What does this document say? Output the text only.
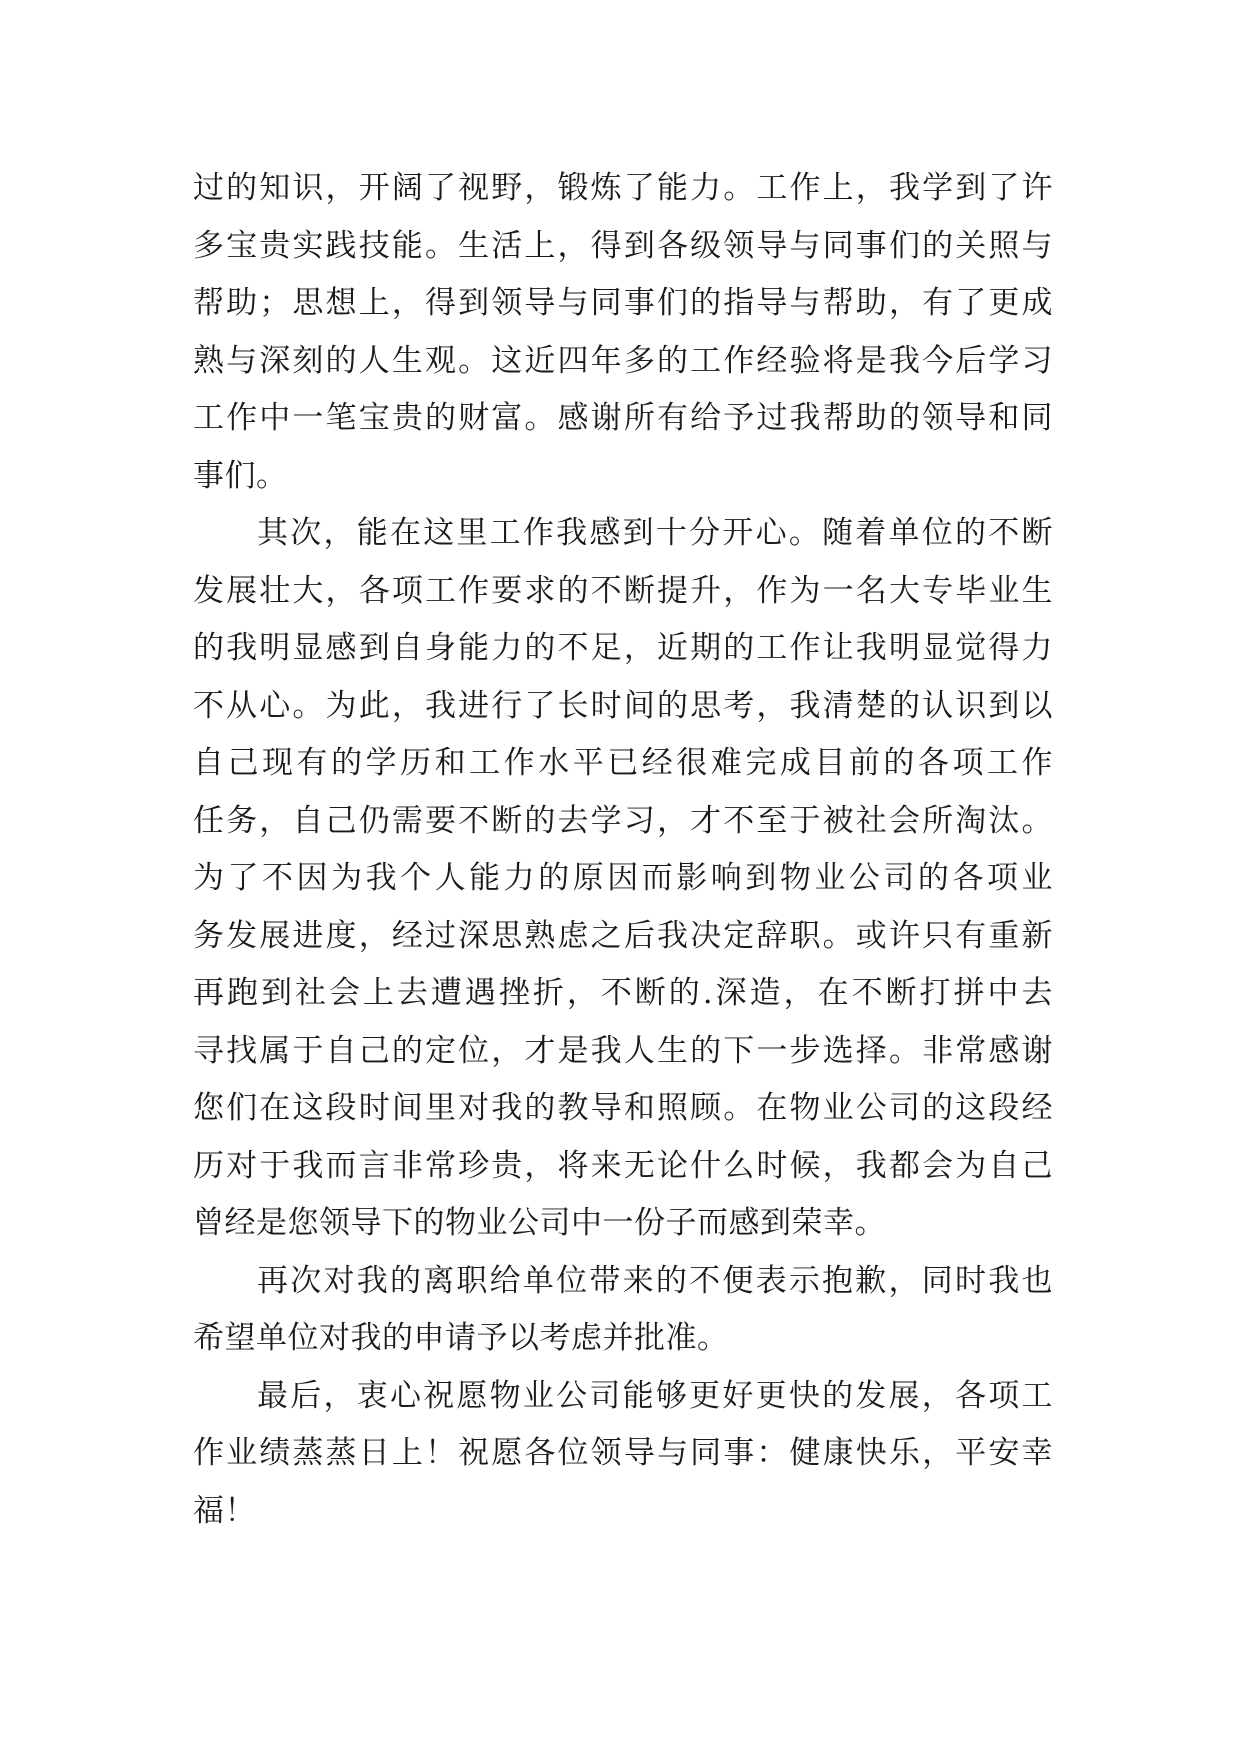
过的知识，开阔了视野，锻炼了能力。工作上，我学到了许
多宝贵实践技能。生活上，得到各级领导与同事们的关照与
帮助；思想上，得到领导与同事们的指导与帮助，有了更成
熟与深刻的人生观。这近四年多的工作经验将是我今后学习
工作中一笔宝贵的财富。感谢所有给予过我帮助的领导和同
事们。
其次，能在这里工作我感到十分开心。随着单位的不断
发展壮大，各项工作要求的不断提升，作为一名大专毕业生
的我明显感到自身能力的不足，近期的工作让我明显觉得力
不从心。为此，我进行了长时间的思考，我清楚的认识到以
自己现有的学历和工作水平已经很难完成目前的各项工作
任务，自己仍需要不断的去学习，才不至于被社会所淘汰。
为了不因为我个人能力的原因而影响到物业公司的各项业
务发展进度，经过深思熟虑之后我决定辞职。或许只有重新
再跑到社会上去遭遇挫折，不断的.深造，在不断打拼中去
寻找属于自己的定位，才是我人生的下一步选择。非常感谢
您们在这段时间里对我的教导和照顾。在物业公司的这段经
历对于我而言非常珍贵，将来无论什么时候，我都会为自己
曾经是您领导下的物业公司中一份子而感到荣幸。
再次对我的离职给单位带来的不便表示抱歉，同时我也
希望单位对我的申请予以考虑并批准。
最后，衷心祝愿物业公司能够更好更快的发展，各项工
作业绩蒸蒸日上！祝愿各位领导与同事：健康快乐，平安幸
福！
